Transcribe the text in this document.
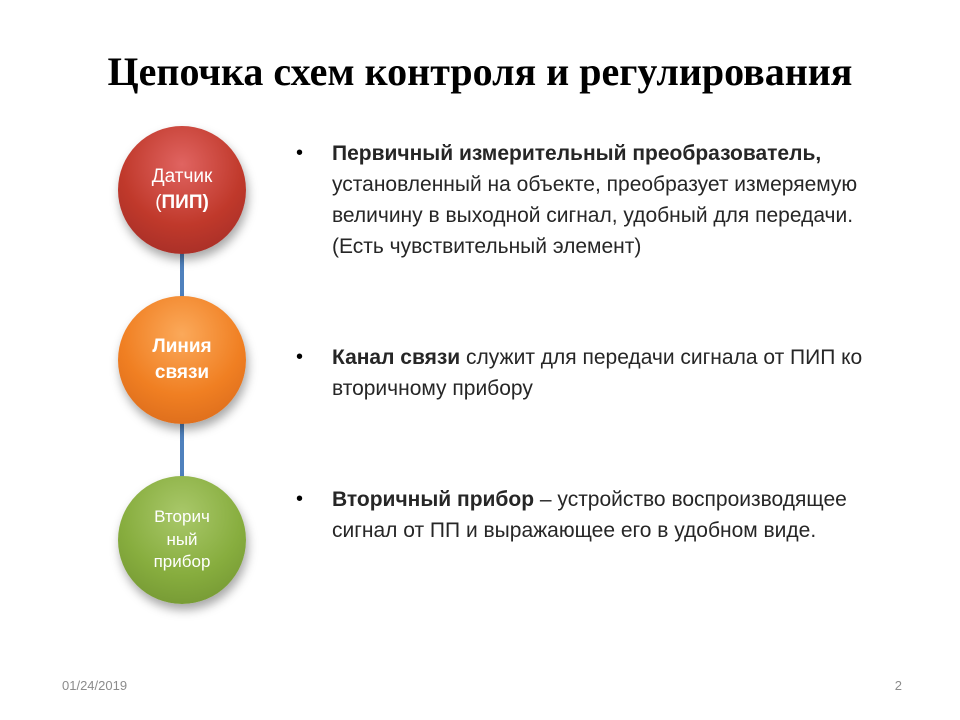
Цепочка схем контроля и регулирования
Датчик
(ПИП)
Линия
связи
Вторич
ный
прибор
•	Первичный измерительный преобразователь, установленный на объекте, преобразует измеряемую величину в выходной сигнал, удобный для передачи.(Есть чувствительный элемент)
•	Канал связи служит для передачи сигнала от ПИП ко вторичному прибору
•	Вторичный прибор – устройство воспроизводящее сигнал от ПП и выражающее его в удобном виде.
01/24/2019	2
